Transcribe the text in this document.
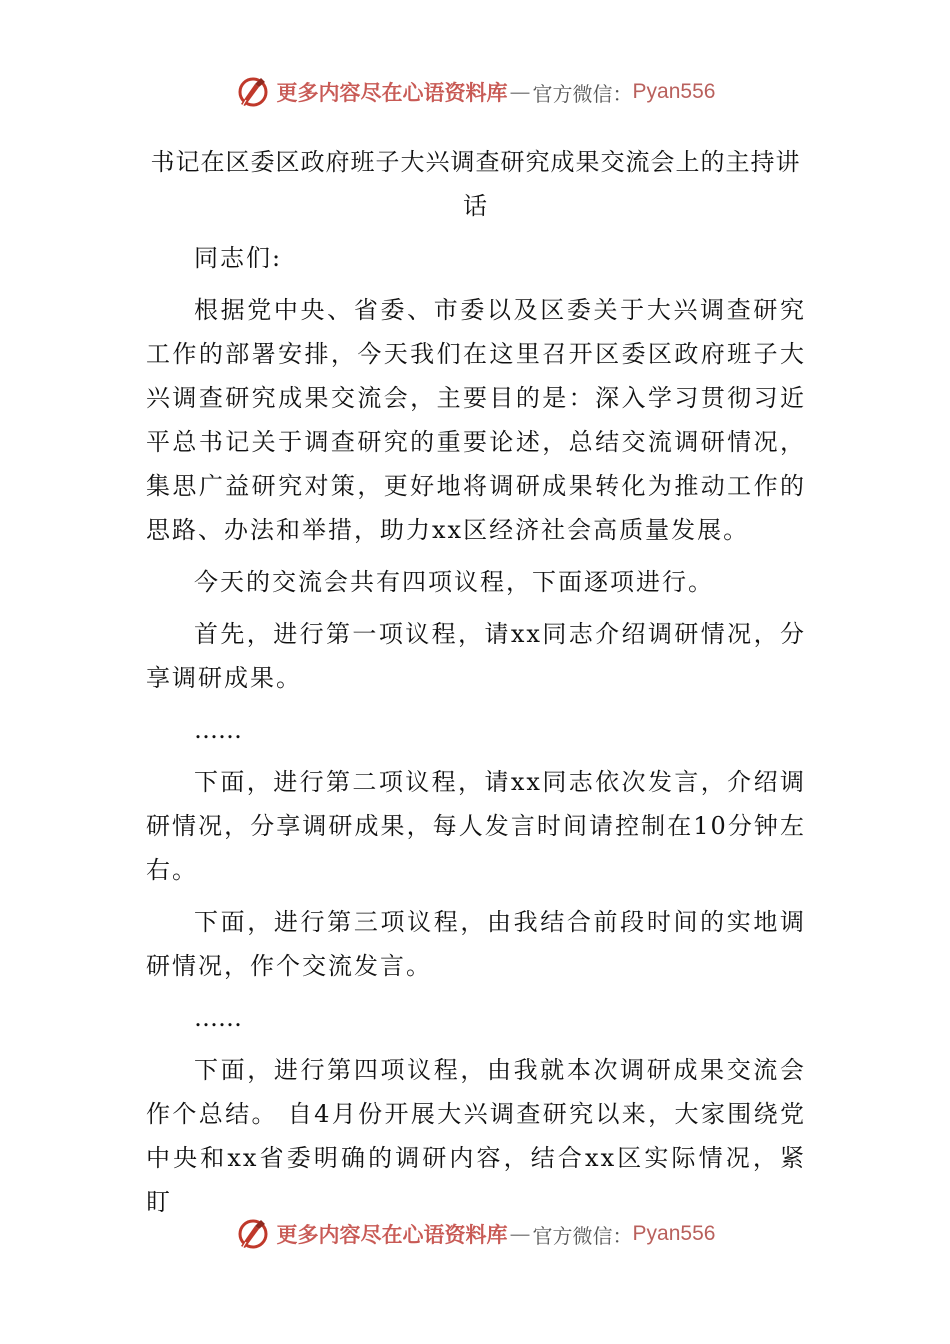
更多内容尽在心语资料库 — 官方微信： Pyan556
书记在区委区政府班子大兴调查研究成果交流会上的主持讲话

同志们:

根据党中央、省委、市委以及区委关于大兴调查研究工作的部署安排，今天我们在这里召开区委区政府班子大兴调查研究成果交流会，主要目的是：深入学习贯彻习近平总书记关于调查研究的重要论述，总结交流调研情况，集思广益研究对策，更好地将调研成果转化为推动工作的思路、办法和举措，助力xx区经济社会高质量发展。

今天的交流会共有四项议程，下面逐项进行。

首先，进行第一项议程，请xx同志介绍调研情况，分享调研成果。

……

下面，进行第二项议程，请xx同志依次发言，介绍调研情况，分享调研成果，每人发言时间请控制在10分钟左右。

下面，进行第三项议程，由我结合前段时间的实地调研情况，作个交流发言。

……

下面，进行第四项议程，由我就本次调研成果交流会作个总结。 自4月份开展大兴调查研究以来，大家围绕党中央和xx省委明确的调研内容，结合xx区实际情况，紧盯

更多内容尽在心语资料库 — 官方微信： Pyan556
